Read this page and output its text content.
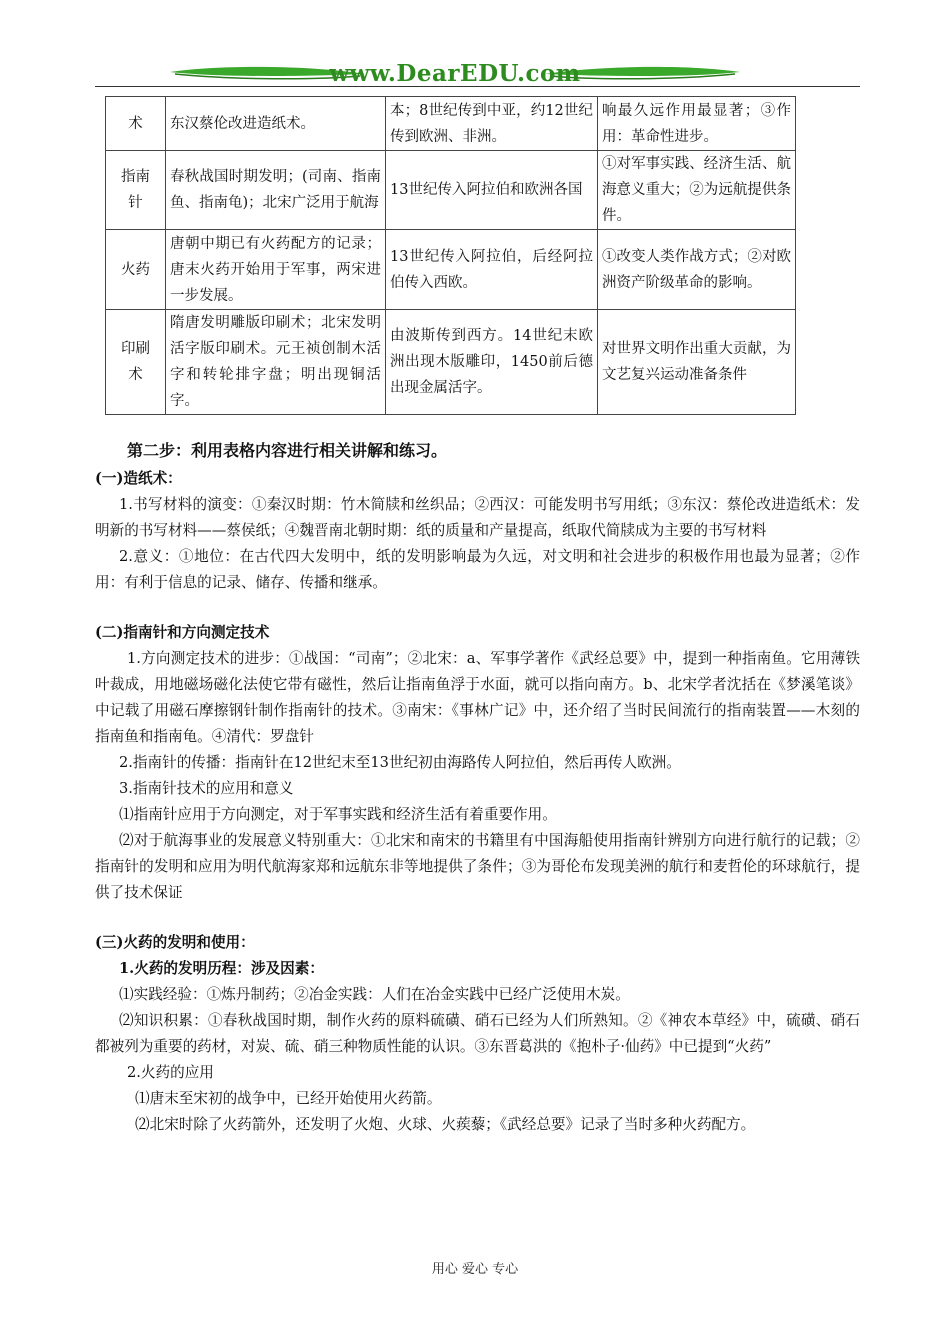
www.DearEDU.com
术	东汉蔡伦改进造纸术。	本；8世纪传到中亚，约12世纪传到欧洲、非洲。	响最久远作用最显著；③作用：革命性进步。
指南针	春秋战国时期发明；(司南、指南鱼、指南龟)；北宋广泛用于航海	13世纪传入阿拉伯和欧洲各国	①对军事实践、经济生活、航海意义重大；②为远航提供条件。
火药	唐朝中期已有火药配方的记录；唐末火药开始用于军事，两宋进一步发展。	13世纪传入阿拉伯，后经阿拉伯传入西欧。	①改变人类作战方式；②对欧洲资产阶级革命的影响。
印刷术	隋唐发明雕版印刷术；北宋发明活字版印刷术。元王祯创制木活字和转轮排字盘；明出现铜活字。	由波斯传到西方。14世纪末欧洲出现木版雕印，1450前后德出现金属活字。	对世界文明作出重大贡献，为文艺复兴运动准备条件

第二步：利用表格内容进行相关讲解和练习。

(一)造纸术：

1.书写材料的演变：①秦汉时期：竹木简牍和丝织品；②西汉：可能发明书写用纸；③东汉：蔡伦改进造纸术：发明新的书写材料——蔡侯纸；④魏晋南北朝时期：纸的质量和产量提高，纸取代简牍成为主要的书写材料

2.意义：①地位：在古代四大发明中，纸的发明影响最为久远，对文明和社会进步的积极作用也最为显著；②作用：有利于信息的记录、储存、传播和继承。

(二)指南针和方向测定技术

1.方向测定技术的进步：①战国：“司南”；②北宋：a、军事学著作《武经总要》中，提到一种指南鱼。它用薄铁叶裁成，用地磁场磁化法使它带有磁性，然后让指南鱼浮于水面，就可以指向南方。b、北宋学者沈括在《梦溪笔谈》中记载了用磁石摩擦钢针制作指南针的技术。③南宋：《事林广记》中，还介绍了当时民间流行的指南装置——木刻的指南鱼和指南龟。④清代：罗盘针

2.指南针的传播：指南针在12世纪末至13世纪初由海路传人阿拉伯，然后再传人欧洲。

3.指南针技术的应用和意义

⑴指南针应用于方向测定，对于军事实践和经济生活有着重要作用。

⑵对于航海事业的发展意义特别重大：①北宋和南宋的书籍里有中国海船使用指南针辨别方向进行航行的记载；②指南针的发明和应用为明代航海家郑和远航东非等地提供了条件；③为哥伦布发现美洲的航行和麦哲伦的环球航行，提供了技术保证

(三)火药的发明和使用：

1.火药的发明历程：涉及因素：

⑴实践经验：①炼丹制药；②冶金实践：人们在冶金实践中已经广泛使用木炭。

⑵知识积累：①春秋战国时期，制作火药的原料硫磺、硝石已经为人们所熟知。②《神农本草经》中，硫磺、硝石都被列为重要的药材，对炭、硫、硝三种物质性能的认识。③东晋葛洪的《抱朴子·仙药》中已提到“火药”

2.火药的应用

⑴唐末至宋初的战争中，已经开始使用火药箭。

⑵北宋时除了火药箭外，还发明了火炮、火球、火蒺藜；《武经总要》记录了当时多种火药配方。

用心 爱心 专心
